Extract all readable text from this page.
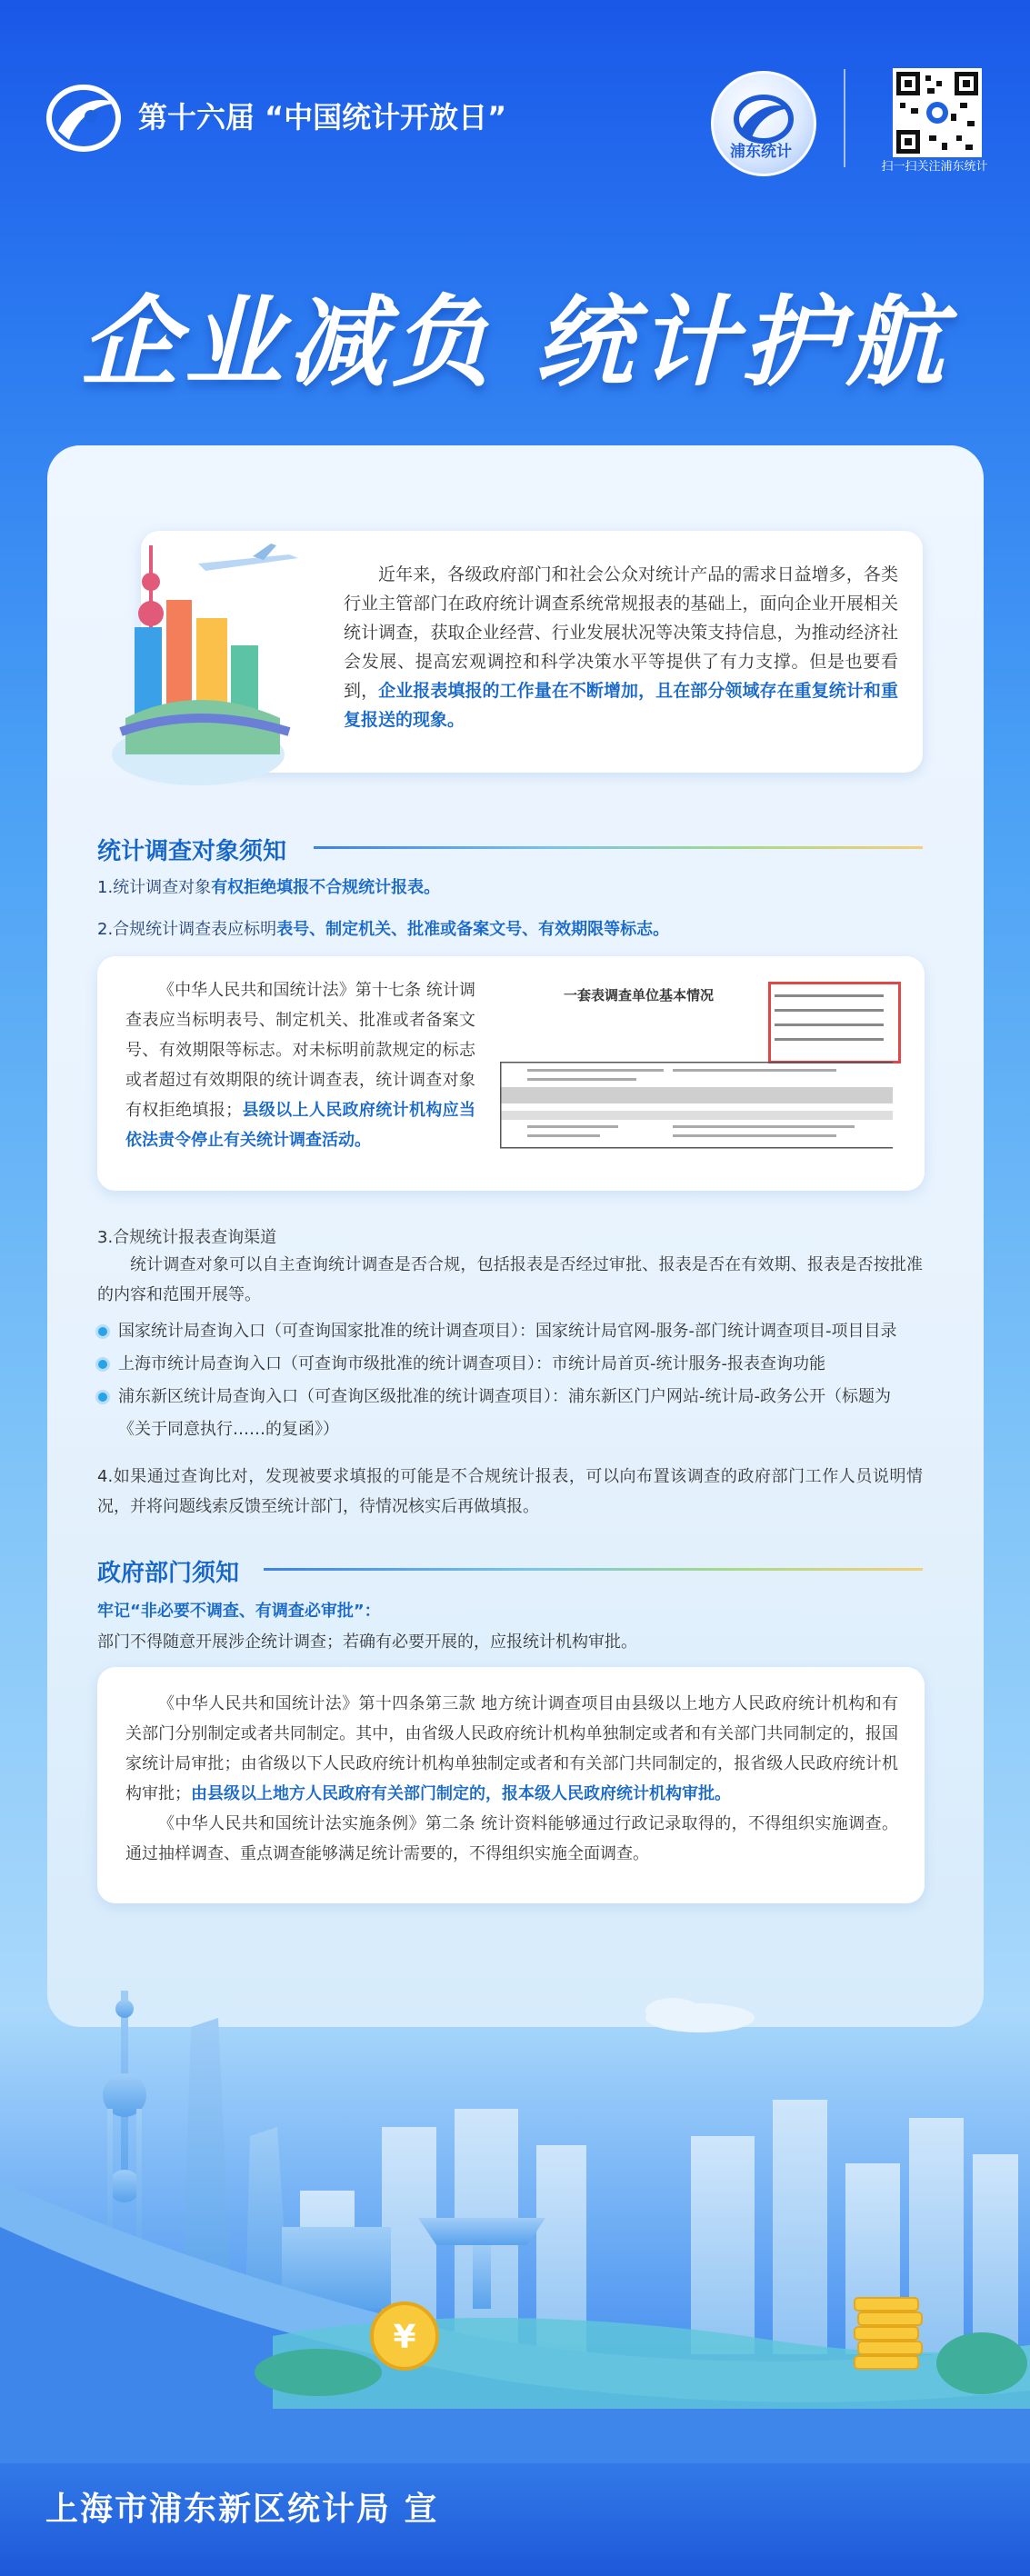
第十六届 “中国统计开放日”
浦东统计
扫一扫关注浦东统计
企业减负 统计护航
近年来，各级政府部门和社会公众对统计产品的需求日益增多，各类行业主管部门在政府统计调查系统常规报表的基础上，面向企业开展相关统计调查，获取企业经营、行业发展状况等决策支持信息，为推动经济社会发展、提高宏观调控和科学决策水平等提供了有力支撑。但是也要看到，企业报表填报的工作量在不断增加，且在部分领域存在重复统计和重复报送的现象。
统计调查对象须知
1.统计调查对象有权拒绝填报不合规统计报表。
2.合规统计调查表应标明表号、制定机关、批准或备案文号、有效期限等标志。
《中华人民共和国统计法》第十七条 统计调查表应当标明表号、制定机关、批准或者备案文号、有效期限等标志。对未标明前款规定的标志或者超过有效期限的统计调查表，统计调查对象有权拒绝填报；县级以上人民政府统计机构应当依法责令停止有关统计调查活动。
一套表调查单位基本情况
3.合规统计报表查询渠道
统计调查对象可以自主查询统计调查是否合规，包括报表是否经过审批、报表是否在有效期、报表是否按批准的内容和范围开展等。
国家统计局查询入口（可查询国家批准的统计调查项目）：国家统计局官网-服务-部门统计调查项目-项目目录
上海市统计局查询入口（可查询市级批准的统计调查项目）：市统计局首页-统计服务-报表查询功能
浦东新区统计局查询入口（可查询区级批准的统计调查项目）：浦东新区门户网站-统计局-政务公开（标题为
《关于同意执行……的复函》）
4.如果通过查询比对，发现被要求填报的可能是不合规统计报表，可以向布置该调查的政府部门工作人员说明情况，并将问题线索反馈至统计部门，待情况核实后再做填报。
政府部门须知
牢记“非必要不调查、有调查必审批”：
部门不得随意开展涉企统计调查；若确有必要开展的，应报统计机构审批。
《中华人民共和国统计法》第十四条第三款 地方统计调查项目由县级以上地方人民政府统计机构和有关部门分别制定或者共同制定。其中，由省级人民政府统计机构单独制定或者和有关部门共同制定的，报国家统计局审批；由省级以下人民政府统计机构单独制定或者和有关部门共同制定的，报省级人民政府统计机构审批；由县级以上地方人民政府有关部门制定的，报本级人民政府统计机构审批。
《中华人民共和国统计法实施条例》第二条 统计资料能够通过行政记录取得的，不得组织实施调查。通过抽样调查、重点调查能够满足统计需要的，不得组织实施全面调查。
¥
上海市浦东新区统计局 宣
